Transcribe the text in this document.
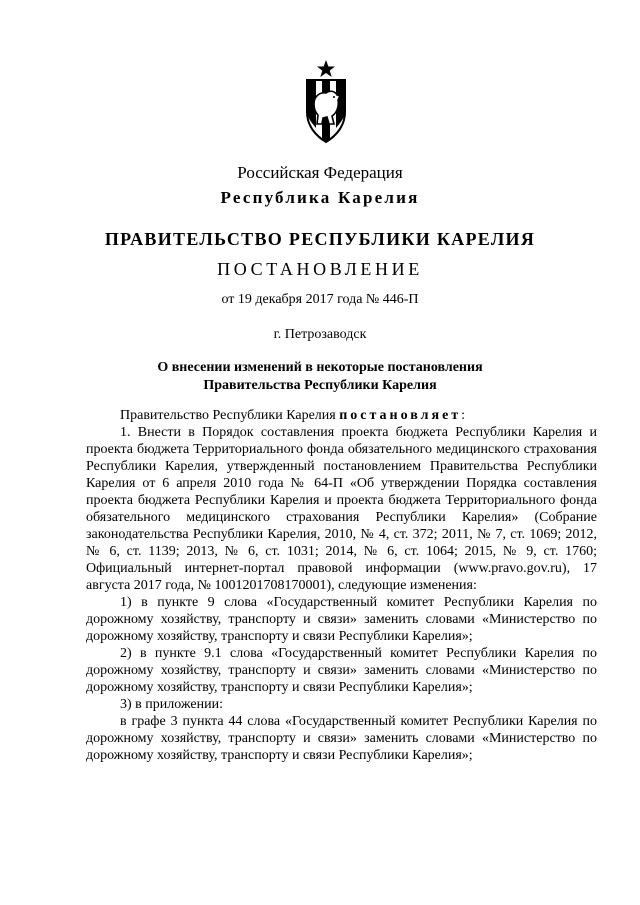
Российская Федерация
Республика Карелия
ПРАВИТЕЛЬСТВО РЕСПУБЛИКИ КАРЕЛИЯ
ПОСТАНОВЛЕНИЕ
от 19 декабря 2017 года № 446-П
г. Петрозаводск
О внесении изменений в некоторые постановления
Правительства Республики Карелия

Правительство Республики Карелия постановляет:

1. Внести в Порядок составления проекта бюджета Республики Карелия и проекта бюджета Территориального фонда обязательного медицинского страхования Республики Карелия, утвержденный постановлением Правительства Республики Карелия от 6 апреля 2010 года № 64-П «Об утверждении Порядка составления проекта бюджета Республики Карелия и проекта бюджета Территориального фонда обязательного медицинского страхования Республики Карелия» (Собрание законодательства Республики Карелия, 2010, № 4, ст. 372; 2011, № 7, ст. 1069; 2012, № 6, ст. 1139; 2013, № 6, ст. 1031; 2014, № 6, ст. 1064; 2015, № 9, ст. 1760; Официальный интернет-портал правовой информации (www.pravo.gov.ru), 17 августа 2017 года, № 1001201708170001), следующие изменения:

1) в пункте 9 слова «Государственный комитет Республики Карелия по дорожному хозяйству, транспорту и связи» заменить словами «Министерство по дорожному хозяйству, транспорту и связи Республики Карелия»;

2) в пункте 9.1 слова «Государственный комитет Республики Карелия по дорожному хозяйству, транспорту и связи» заменить словами «Министерство по дорожному хозяйству, транспорту и связи Республики Карелия»;

3) в приложении:

в графе 3 пункта 44 слова «Государственный комитет Республики Карелия по дорожному хозяйству, транспорту и связи» заменить словами «Министерство по дорожному хозяйству, транспорту и связи Республики Карелия»;
